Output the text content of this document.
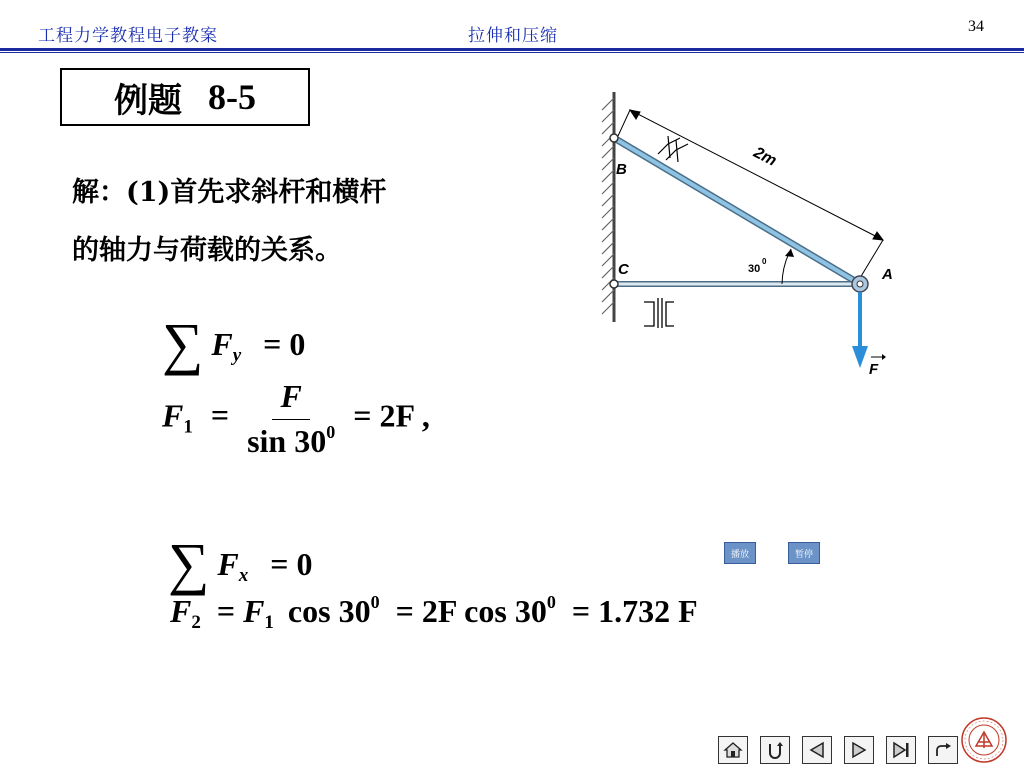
工程力学教程电子教案	拉伸和压缩	34
例题 8-5
解：(1)首先求斜杆和横杆
的轴力与荷载的关系。
∑ $F_y = 0$
$F_1 = \frac{F}{\sin 30^0} = 2F$ ,
∑ $F_x = 0$
$F_2 = F_1$ $\cos 30^0 = 2F$ $\cos 30^0 = 1.732$ F
2m
30
0
B
C	A
F
播放	暂停
